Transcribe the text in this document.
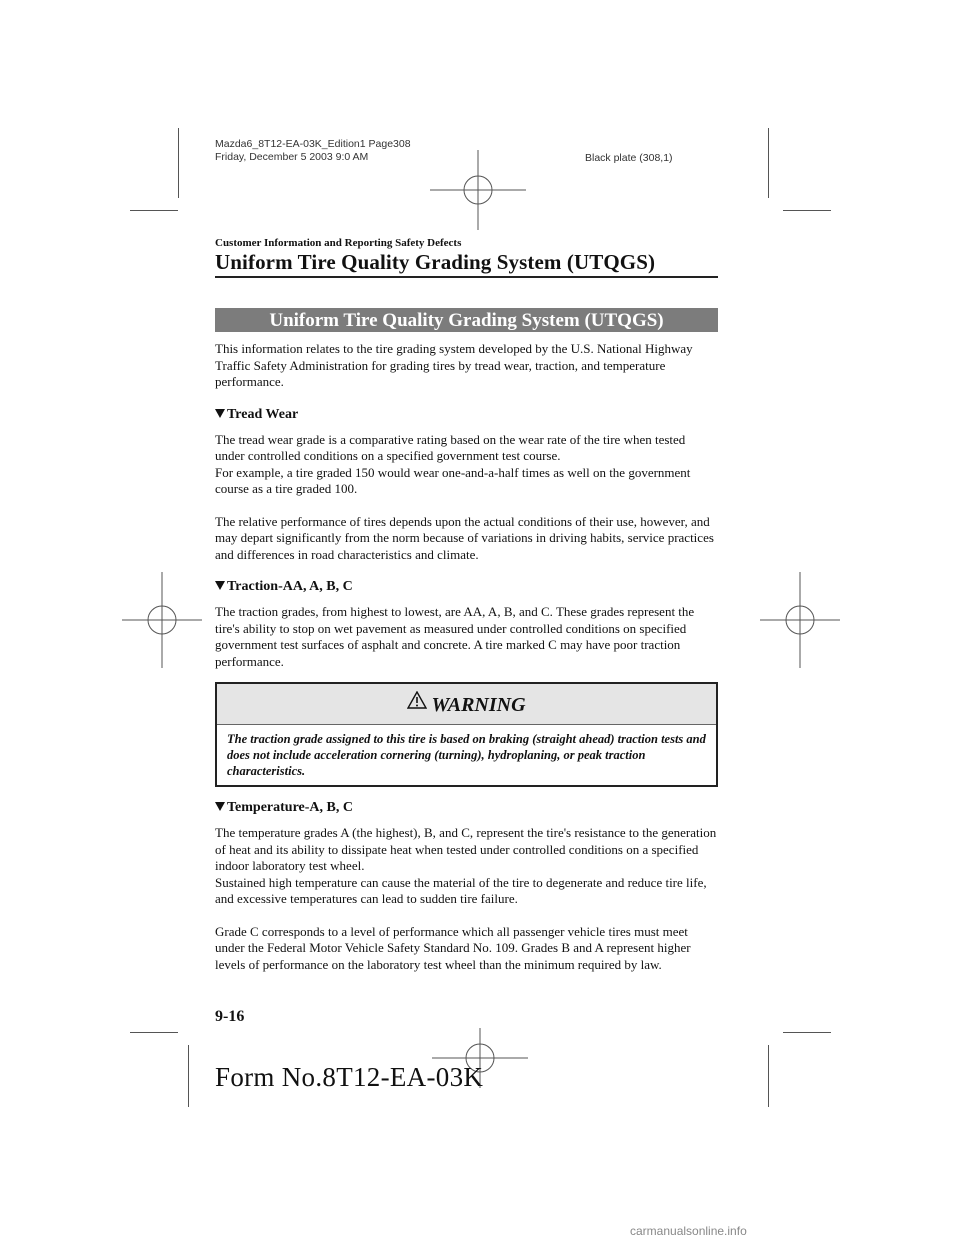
Mazda6_8T12-EA-03K_Edition1 Page308
Friday, December 5 2003 9:0 AM	Black plate (308,1)
Customer Information and Reporting Safety Defects
Uniform Tire Quality Grading System (UTQGS)
Uniform Tire Quality Grading System (UTQGS)

This information relates to the tire grading system developed by the U.S. National Highway Traffic Safety Administration for grading tires by tread wear, traction, and temperature performance.

Tread Wear

The tread wear grade is a comparative rating based on the wear rate of the tire when tested under controlled conditions on a specified government test course.

For example, a tire graded 150 would wear one-and-a-half times as well on the government course as a tire graded 100.

The relative performance of tires depends upon the actual conditions of their use, however, and may depart significantly from the norm because of variations in driving habits, service practices and differences in road characteristics and climate.

Traction-AA, A, B, C

The traction grades, from highest to lowest, are AA, A, B, and C. These grades represent the tire's ability to stop on wet pavement as measured under controlled conditions on specified government test surfaces of asphalt and concrete. A tire marked C may have poor traction performance.

WARNING
The traction grade assigned to this tire is based on braking (straight ahead) traction tests and does not include acceleration cornering (turning), hydroplaning, or peak traction characteristics.

Temperature-A, B, C

The temperature grades A (the highest), B, and C, represent the tire's resistance to the generation of heat and its ability to dissipate heat when tested under controlled conditions on a specified indoor laboratory test wheel.

Sustained high temperature can cause the material of the tire to degenerate and reduce tire life, and excessive temperatures can lead to sudden tire failure.

Grade C corresponds to a level of performance which all passenger vehicle tires must meet under the Federal Motor Vehicle Safety Standard No. 109. Grades B and A represent higher levels of performance on the laboratory test wheel than the minimum required by law.

9-16
Form No.8T12-EA-03K
carmanualsonline.info
